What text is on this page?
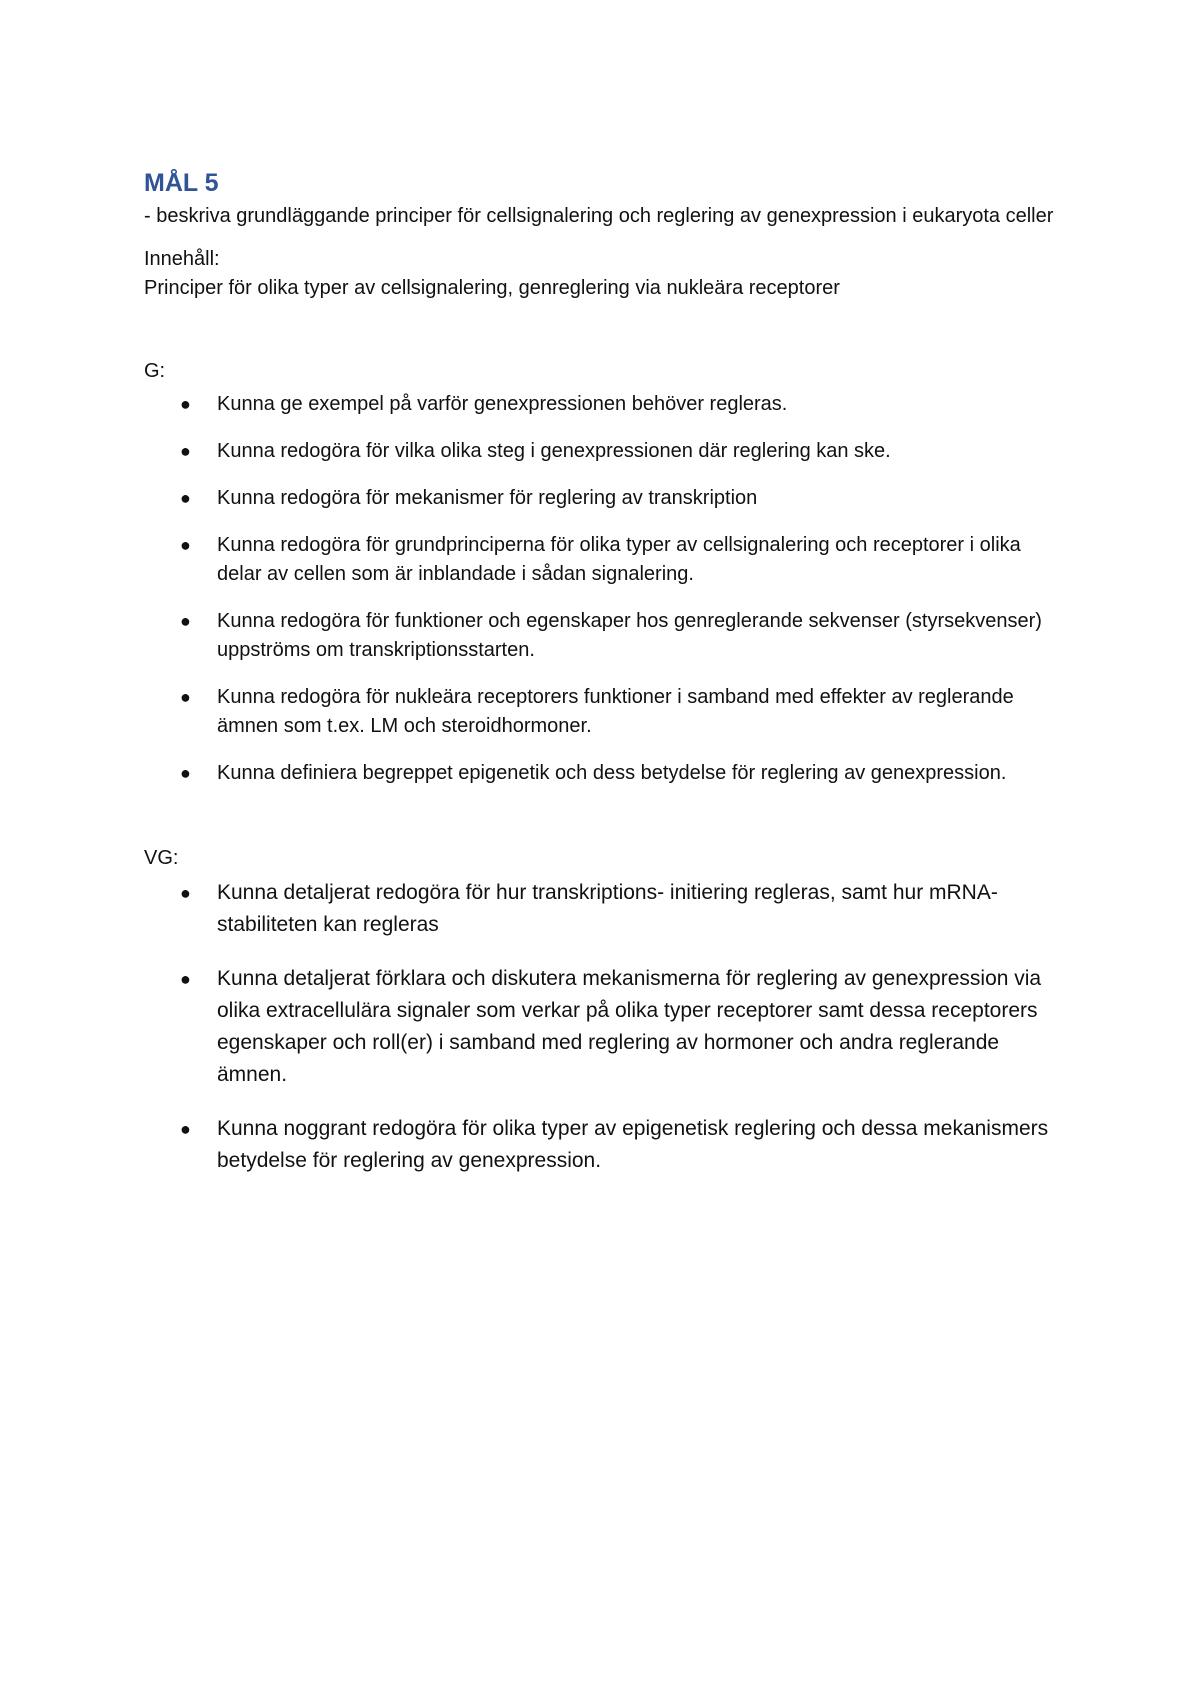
MÅL 5

- beskriva grundläggande principer för cellsignalering och reglering av genexpression i eukaryota celler

Innehåll:

Principer för olika typer av cellsignalering, genreglering via nukleära receptorer

G:

● Kunna ge exempel på varför genexpressionen behöver regleras.
● Kunna redogöra för vilka olika steg i genexpressionen där reglering kan ske.
● Kunna redogöra för mekanismer för reglering av transkription
● Kunna redogöra för grundprinciperna för olika typer av cellsignalering och receptorer i olika delar av cellen som är inblandade i sådan signalering.
● Kunna redogöra för funktioner och egenskaper hos genreglerande sekvenser (styrsekvenser) uppströms om transkriptionsstarten.
● Kunna redogöra för nukleära receptorers funktioner i samband med effekter av reglerande ämnen som t.ex. LM och steroidhormoner.
● Kunna definiera begreppet epigenetik och dess betydelse för reglering av genexpression.

VG:

● Kunna detaljerat redogöra för hur transkriptions- initiering regleras, samt hur mRNA-stabiliteten kan regleras
● Kunna detaljerat förklara och diskutera mekanismerna för reglering av genexpression via olika extracellulära signaler som verkar på olika typer receptorer samt dessa receptorers egenskaper och roll(er) i samband med reglering av hormoner och andra reglerande ämnen.
● Kunna noggrant redogöra för olika typer av epigenetisk reglering och dessa mekanismers betydelse för reglering av genexpression.
